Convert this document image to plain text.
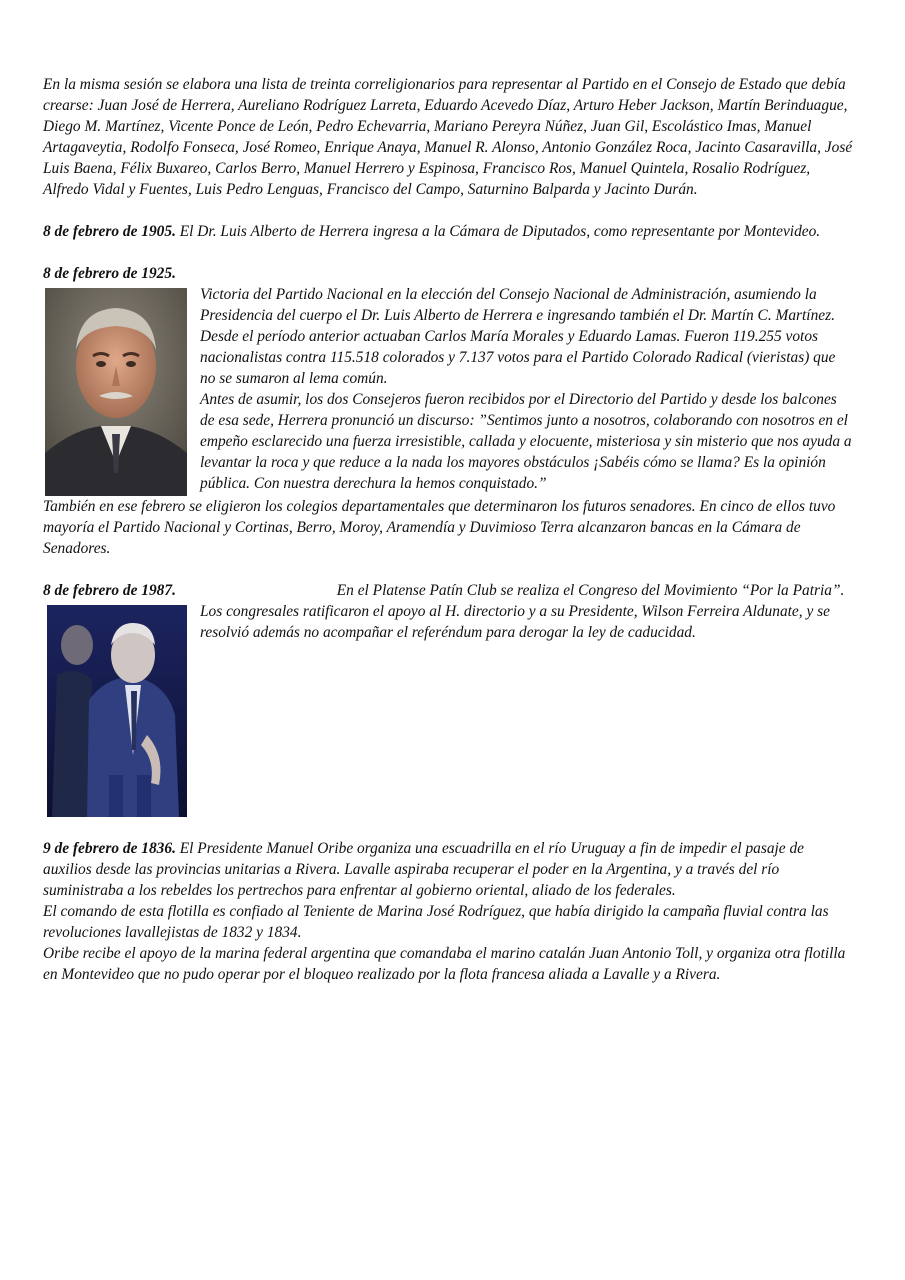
En la misma sesión se elabora una lista de treinta correligionarios para representar al Partido en el Consejo de Estado que debía crearse: Juan José de Herrera, Aureliano Rodríguez Larreta, Eduardo Acevedo Díaz, Arturo Heber Jackson, Martín Berinduague, Diego M. Martínez, Vicente Ponce de León, Pedro Echevarria, Mariano Pereyra Núñez, Juan Gil, Escolástico Imas, Manuel Artagaveytia, Rodolfo Fonseca, José Romeo, Enrique Anaya, Manuel R. Alonso, Antonio González Roca, Jacinto Casaravilla, José Luis Baena, Félix Buxareo, Carlos Berro, Manuel Herrero y Espinosa, Francisco Ros, Manuel Quintela, Rosalio Rodríguez, Alfredo Vidal y Fuentes, Luis Pedro Lenguas, Francisco del Campo, Saturnino Balparda y Jacinto Durán.

8 de febrero de 1905. El Dr. Luis Alberto de Herrera ingresa a la Cámara de Diputados, como representante por Montevideo.

8 de febrero de 1925.

Victoria del Partido Nacional en la elección del Consejo Nacional de Administración, asumiendo la Presidencia del cuerpo el Dr. Luis Alberto de Herrera e ingresando también el Dr. Martín C. Martínez. Desde el período anterior actuaban Carlos María Morales y Eduardo Lamas. Fueron 119.255 votos nacionalistas contra 115.518 colorados y 7.137 votos para el Partido Colorado Radical (vieristas) que no se sumaron al lema común.

Antes de asumir, los dos Consejeros fueron recibidos por el Directorio del Partido y desde los balcones de esa sede, Herrera pronunció un discurso: ”Sentimos junto a nosotros, colaborando con nosotros en el empeño esclarecido una fuerza irresistible, callada y elocuente, misteriosa y sin misterio que nos ayuda a levantar la roca y que reduce a la nada los mayores obstáculos ¡Sabéis cómo se llama? Es la opinión pública. Con nuestra derechura la hemos conquistado.”

También en ese febrero se eligieron los colegios departamentales que determinaron los futuros senadores. En cinco de ellos tuvo mayoría el Partido Nacional y Cortinas, Berro, Moroy, Aramendía y Duvimioso Terra alcanzaron bancas en la Cámara de Senadores.

8 de febrero de 1987.	En el Platense Patín Club se realiza el Congreso del Movimiento “Por la Patria”. Los congresales ratificaron el apoyo al H. directorio y a su Presidente, Wilson Ferreira Aldunate, y se resolvió además no acompañar el referéndum para derogar la ley de caducidad.

9 de febrero de 1836. El Presidente Manuel Oribe organiza una escuadrilla en el río Uruguay a fin de impedir el pasaje de auxilios desde las provincias unitarias a Rivera. Lavalle aspiraba recuperar el poder en la Argentina, y a través del río suministraba a los rebeldes los pertrechos para enfrentar al gobierno oriental, aliado de los federales.

El comando de esta flotilla es confiado al Teniente de Marina José Rodríguez, que había dirigido la campaña fluvial contra las revoluciones lavallejistas de 1832 y 1834.

Oribe recibe el apoyo de la marina federal argentina que comandaba el marino catalán Juan Antonio Toll, y organiza otra flotilla en Montevideo que no pudo operar por el bloqueo realizado por la flota francesa aliada a Lavalle y a Rivera.
